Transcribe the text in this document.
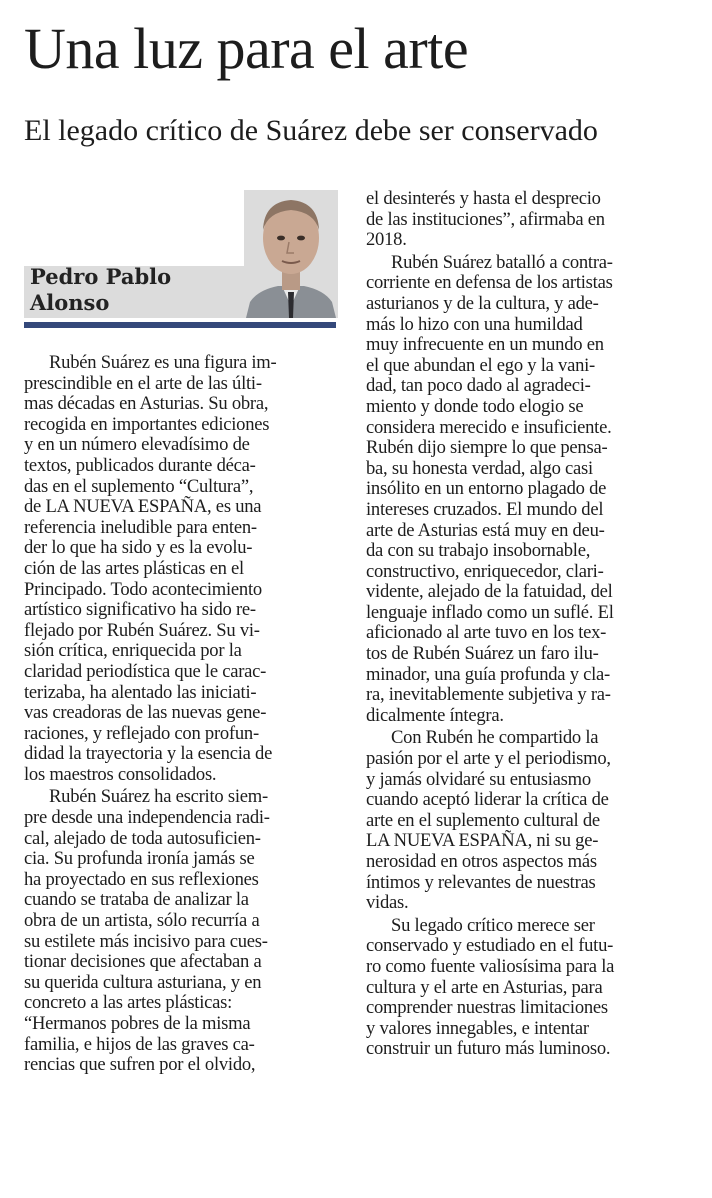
Una luz para el arte
El legado crítico de Suárez debe ser conservado
Pedro Pablo
Alonso
Rubén Suárez es una figura im-
prescindible en el arte de las últi-
mas décadas en Asturias. Su obra,
recogida en importantes ediciones
y en un número elevadísimo de
textos, publicados durante déca-
das en el suplemento “Cultura”,
de LA NUEVA ESPAÑA, es una
referencia ineludible para enten-
der lo que ha sido y es la evolu-
ción de las artes plásticas en el
Principado. Todo acontecimiento
artístico significativo ha sido re-
flejado por Rubén Suárez. Su vi-
sión crítica, enriquecida por la
claridad periodística que le carac-
terizaba, ha alentado las iniciati-
vas creadoras de las nuevas gene-
raciones, y reflejado con profun-
didad la trayectoria y la esencia de
los maestros consolidados.
Rubén Suárez ha escrito siem-
pre desde una independencia radi-
cal, alejado de toda autosuficien-
cia. Su profunda ironía jamás se
ha proyectado en sus reflexiones
cuando se trataba de analizar la
obra de un artista, sólo recurría a
su estilete más incisivo para cues-
tionar decisiones que afectaban a
su querida cultura asturiana, y en
concreto a las artes plásticas:
“Hermanos pobres de la misma
familia, e hijos de las graves ca-
rencias que sufren por el olvido,
el desinterés y hasta el desprecio
de las instituciones”, afirmaba en
2018.
Rubén Suárez batalló a contra-
corriente en defensa de los artistas
asturianos y de la cultura, y ade-
más lo hizo con una humildad
muy infrecuente en un mundo en
el que abundan el ego y la vani-
dad, tan poco dado al agradeci-
miento y donde todo elogio se
considera merecido e insuficiente.
Rubén dijo siempre lo que pensa-
ba, su honesta verdad, algo casi
insólito en un entorno plagado de
intereses cruzados. El mundo del
arte de Asturias está muy en deu-
da con su trabajo insobornable,
constructivo, enriquecedor, clari-
vidente, alejado de la fatuidad, del
lenguaje inflado como un suflé. El
aficionado al arte tuvo en los tex-
tos de Rubén Suárez un faro ilu-
minador, una guía profunda y cla-
ra, inevitablemente subjetiva y ra-
dicalmente íntegra.
Con Rubén he compartido la
pasión por el arte y el periodismo,
y jamás olvidaré su entusiasmo
cuando aceptó liderar la crítica de
arte en el suplemento cultural de
LA NUEVA ESPAÑA, ni su ge-
nerosidad en otros aspectos más
íntimos y relevantes de nuestras
vidas.
Su legado crítico merece ser
conservado y estudiado en el futu-
ro como fuente valiosísima para la
cultura y el arte en Asturias, para
comprender nuestras limitaciones
y valores innegables, e intentar
construir un futuro más luminoso.
